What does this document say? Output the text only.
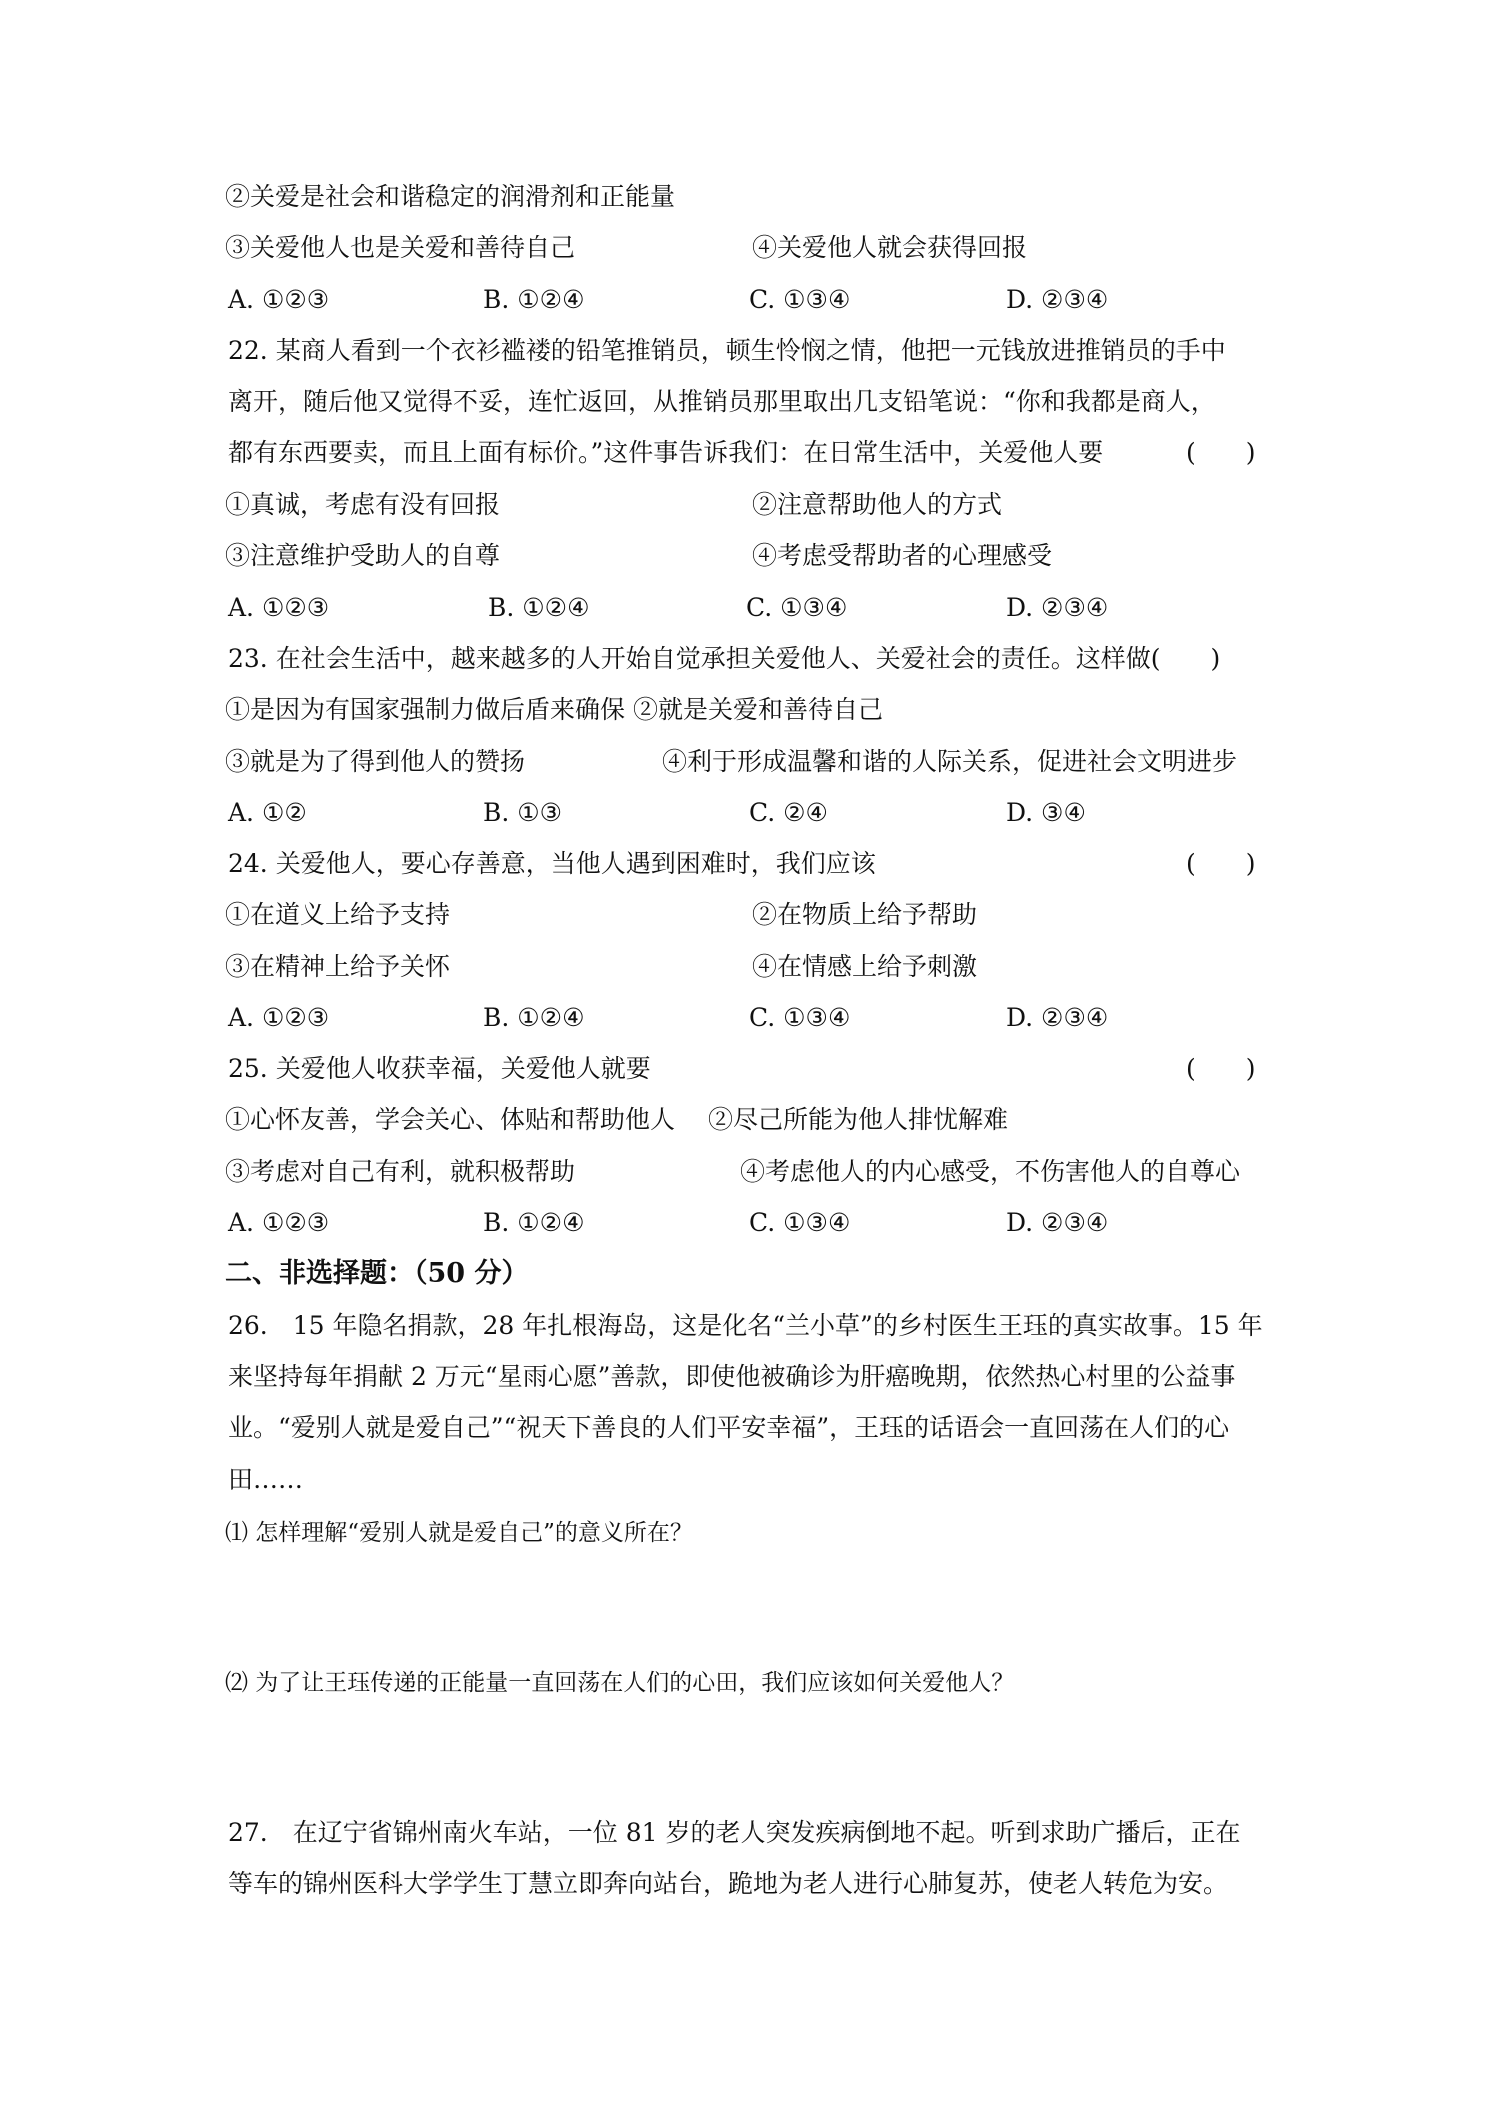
②关爱是社会和谐稳定的润滑剂和正能量
③关爱他人也是关爱和善待自己	④关爱他人就会获得回报
A. ①②③	B. ①②④	C. ①③④	D. ②③④
22. 某商人看到一个衣衫褴褛的铅笔推销员，顿生怜悯之情，他把一元钱放进推销员的手中
离开，随后他又觉得不妥，连忙返回，从推销员那里取出几支铅笔说：“你和我都是商人，
都有东西要卖，而且上面有标价。”这件事告诉我们：在日常生活中，关爱他人要	(　　)
①真诚，考虑有没有回报	②注意帮助他人的方式
③注意维护受助人的自尊	④考虑受帮助者的心理感受
A. ①②③	B. ①②④	C. ①③④	D. ②③④
23. 在社会生活中，越来越多的人开始自觉承担关爱他人、关爱社会的责任。这样做(　　)
①是因为有国家强制力做后盾来确保 ②就是关爱和善待自己
③就是为了得到他人的赞扬	④利于形成温馨和谐的人际关系，促进社会文明进步
A. ①②	B. ①③	C. ②④	D. ③④
24. 关爱他人，要心存善意，当他人遇到困难时，我们应该	(　　)
①在道义上给予支持	②在物质上给予帮助
③在精神上给予关怀	④在情感上给予刺激
A. ①②③	B. ①②④	C. ①③④	D. ②③④
25. 关爱他人收获幸福，关爱他人就要	(　　)
①心怀友善，学会关心、体贴和帮助他人　 ②尽己所能为他人排忧解难
③考虑对自己有利，就积极帮助	④考虑他人的内心感受，不伤害他人的自尊心
A. ①②③	B. ①②④	C. ①③④	D. ②③④
二、非选择题：（50 分）
26.　15 年隐名捐款，28 年扎根海岛，这是化名“兰小草”的乡村医生王珏的真实故事。15 年
来坚持每年捐献 2 万元“星雨心愿”善款，即使他被确诊为肝癌晚期，依然热心村里的公益事
业。“爱别人就是爱自己”“祝天下善良的人们平安幸福”，王珏的话语会一直回荡在人们的心
田……
⑴ 怎样理解“爱别人就是爱自己”的意义所在？
⑵ 为了让王珏传递的正能量一直回荡在人们的心田，我们应该如何关爱他人？
27.　在辽宁省锦州南火车站，一位 81 岁的老人突发疾病倒地不起。听到求助广播后，正在
等车的锦州医科大学学生丁慧立即奔向站台，跪地为老人进行心肺复苏，使老人转危为安。
